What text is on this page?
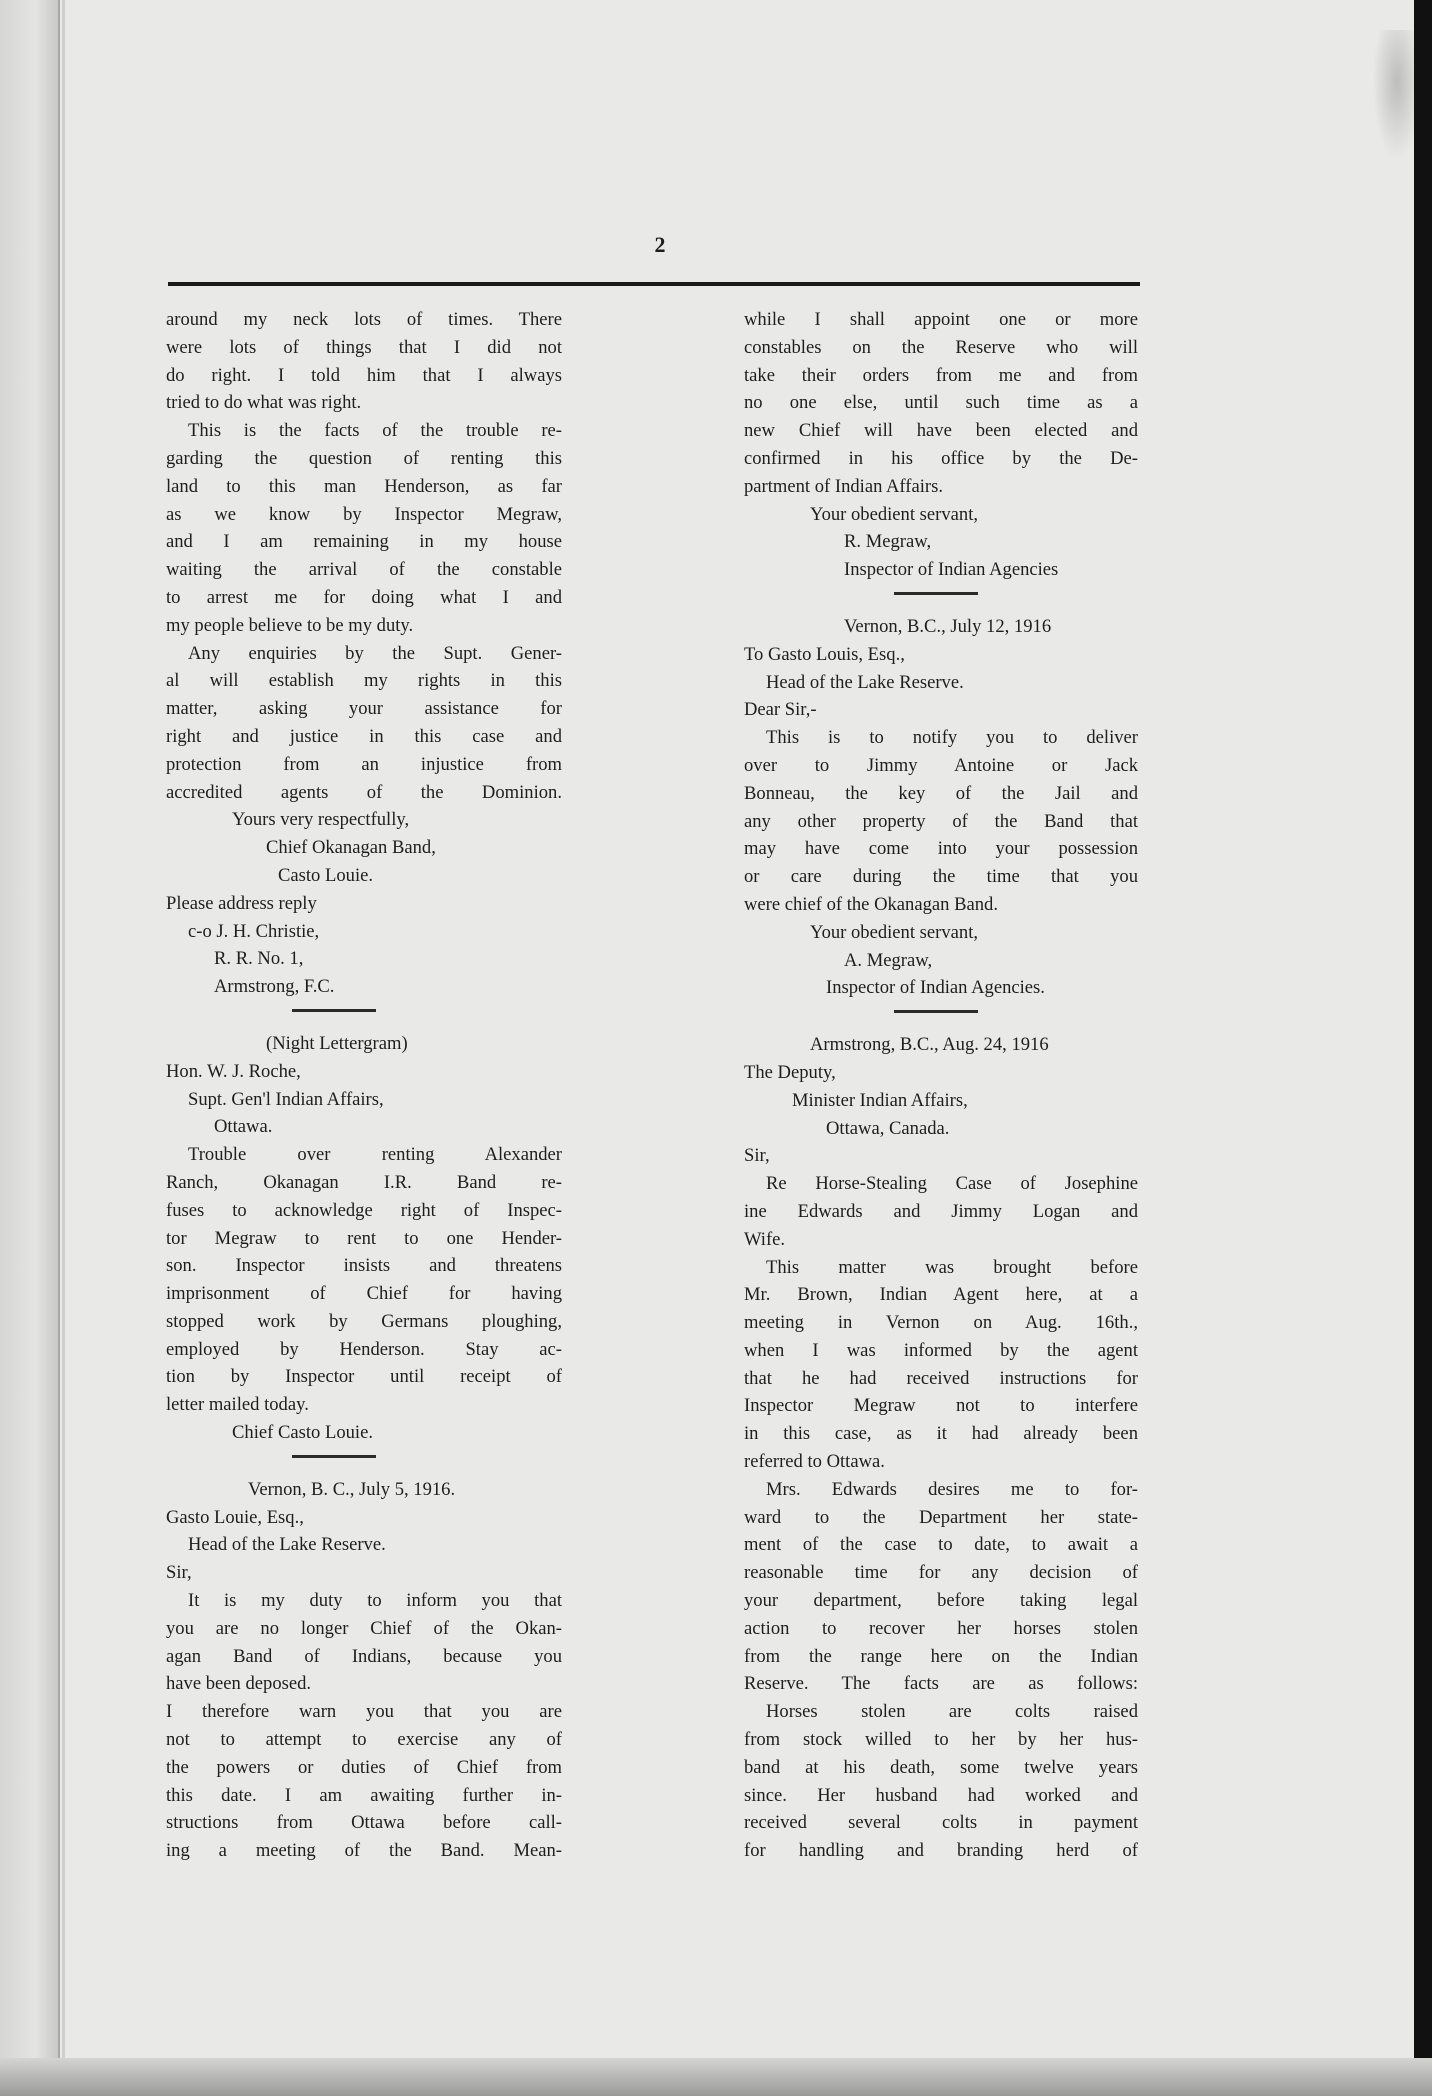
2
around my neck lots of times. There
were lots of things that I did not
do right. I told him that I always
tried to do what was right.
This is the facts of the trouble re-
garding the question of renting this
land to this man Henderson, as far
as we know by Inspector Megraw,
and I am remaining in my house
waiting the arrival of the constable
to arrest me for doing what I and
my people believe to be my duty.
Any enquiries by the Supt. Gener-
al will establish my rights in this
matter, asking your assistance for
right and justice in this case and
protection from an injustice from
accredited agents of the Dominion.
Yours very respectfully,
Chief Okanagan Band,
Casto Louie.
Please address reply
c-o J. H. Christie,
R. R. No. 1,
Armstrong, F.C.
(Night Lettergram)
Hon. W. J. Roche,
Supt. Gen'l Indian Affairs,
Ottawa.
Trouble over renting Alexander
Ranch, Okanagan I.R. Band re-
fuses to acknowledge right of Inspec-
tor Megraw to rent to one Hender-
son. Inspector insists and threatens
imprisonment of Chief for having
stopped work by Germans ploughing,
employed by Henderson. Stay ac-
tion by Inspector until receipt of
letter mailed today.
Chief Casto Louie.
Vernon, B. C., July 5, 1916.
Gasto Louie, Esq.,
Head of the Lake Reserve.
Sir,
It is my duty to inform you that
you are no longer Chief of the Okan-
agan Band of Indians, because you
have been deposed.
I therefore warn you that you are
not to attempt to exercise any of
the powers or duties of Chief from
this date. I am awaiting further in-
structions from Ottawa before call-
ing a meeting of the Band. Mean-
while I shall appoint one or more
constables on the Reserve who will
take their orders from me and from
no one else, until such time as a
new Chief will have been elected and
confirmed in his office by the De-
partment of Indian Affairs.
Your obedient servant,
R. Megraw,
Inspector of Indian Agencies
Vernon, B.C., July 12, 1916
To Gasto Louis, Esq.,
Head of the Lake Reserve.
Dear Sir,-
This is to notify you to deliver
over to Jimmy Antoine or Jack
Bonneau, the key of the Jail and
any other property of the Band that
may have come into your possession
or care during the time that you
were chief of the Okanagan Band.
Your obedient servant,
A. Megraw,
Inspector of Indian Agencies.
Armstrong, B.C., Aug. 24, 1916
The Deputy,
Minister Indian Affairs,
Ottawa, Canada.
Sir,
Re Horse-Stealing Case of Josephine
ine Edwards and Jimmy Logan and
Wife.
This matter was brought before
Mr. Brown, Indian Agent here, at a
meeting in Vernon on Aug. 16th.,
when I was informed by the agent
that he had received instructions for
Inspector Megraw not to interfere
in this case, as it had already been
referred to Ottawa.
Mrs. Edwards desires me to for-
ward to the Department her state-
ment of the case to date, to await a
reasonable time for any decision of
your department, before taking legal
action to recover her horses stolen
from the range here on the Indian
Reserve. The facts are as follows:
Horses stolen are colts raised
from stock willed to her by her hus-
band at his death, some twelve years
since. Her husband had worked and
received several colts in payment
for handling and branding herd of
